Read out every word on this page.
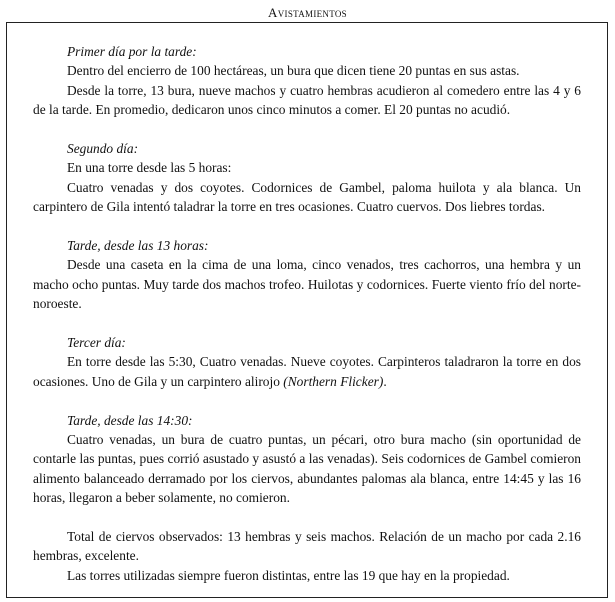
Avistamientos
Primer día por la tarde:

Dentro del encierro de 100 hectáreas, un bura que dicen tiene 20 puntas en sus astas.

Desde la torre, 13 bura, nueve machos y cuatro hembras acudieron al comedero entre las 4 y 6 de la tarde. En promedio, dedicaron unos cinco minutos a comer. El 20 puntas no acudió.

Segundo día:

En una torre desde las 5 horas:

Cuatro venadas y dos coyotes. Codornices de Gambel, paloma huilota y ala blanca. Un carpintero de Gila intentó taladrar la torre en tres ocasiones. Cuatro cuervos. Dos liebres tordas.

Tarde, desde las 13 horas:

Desde una caseta en la cima de una loma, cinco venados, tres cachorros, una hembra y un macho ocho puntas. Muy tarde dos machos trofeo. Huilotas y codornices. Fuerte viento frío del norte-noroeste.

Tercer día:

En torre desde las 5:30, Cuatro venadas. Nueve coyotes. Carpinteros taladraron la torre en dos ocasiones. Uno de Gila y un carpintero alirojo (Northern Flicker).

Tarde, desde las 14:30:

Cuatro venadas, un bura de cuatro puntas, un pécari, otro bura macho (sin oportunidad de contarle las puntas, pues corrió asustado y asustó a las venadas). Seis codornices de Gambel comieron alimento balanceado derramado por los ciervos, abundantes palomas ala blanca, entre 14:45 y las 16 horas, llegaron a beber solamente, no comieron.

Total de ciervos observados: 13 hembras y seis machos. Relación de un macho por cada 2.16 hembras, excelente.

Las torres utilizadas siempre fueron distintas, entre las 19 que hay en la propiedad.
